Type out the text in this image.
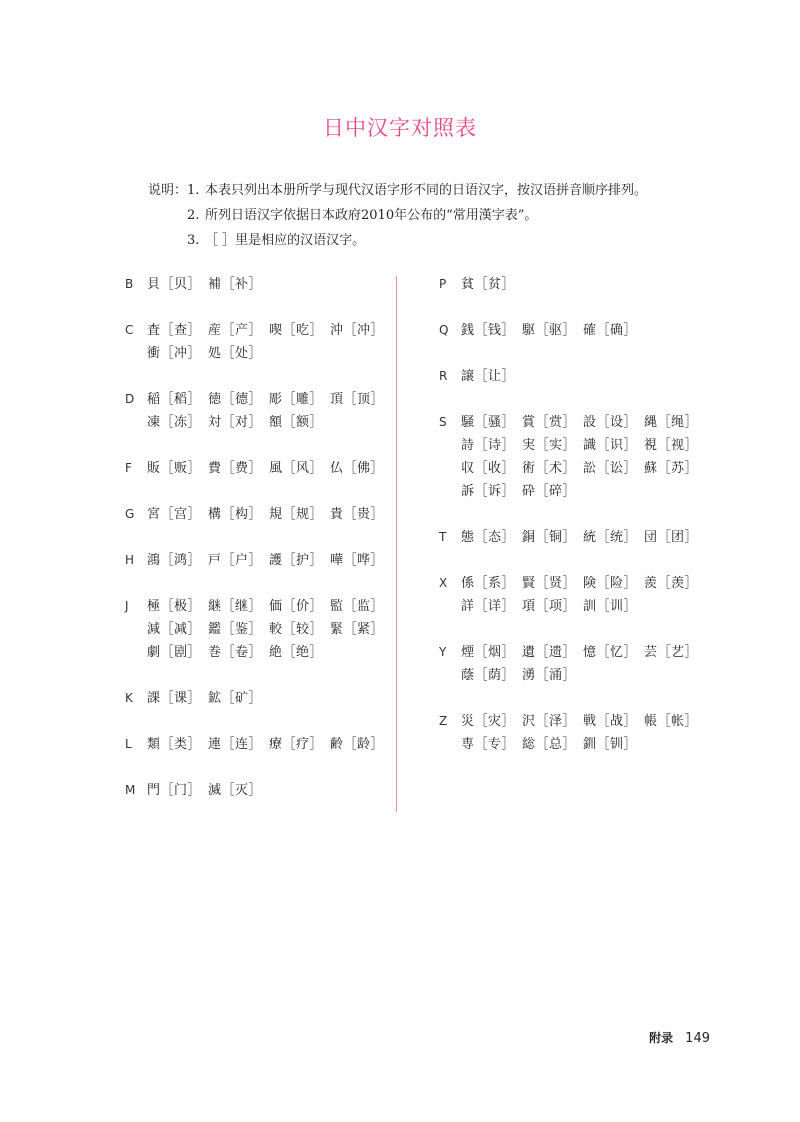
日中汉字对照表
说明： 1. 本表只列出本册所学与现代汉语字形不同的日语汉字，按汉语拼音顺序排列。
2. 所列日语汉字依据日本政府2010年公布的“常用漢字表”。
3. ［ ］里是相应的汉语汉字。
B	貝［贝］ 補［补］
C	査［查］ 産［产］ 喫［吃］ 沖［冲］
衝［冲］ 処［处］
D 稲［稻］ 徳［德］ 彫［雕］ 頂［顶］
凍［冻］ 対［对］ 額［额］
F	販［贩］ 費［费］ 風［风］ 仏［佛］
G 宮［宫］ 構［构］ 規［规］ 貴［贵］
H 鴻［鸿］ 戸［户］ 護［护］ 嘩［哗］
J	極［极］ 継［继］ 価［价］ 監［监］
減［减］ 鑑［鉴］ 較［较］ 緊［紧］
劇［剧］ 巻［卷］ 絶［绝］
K	課［课］ 鉱［矿］
L	類［类］ 連［连］ 療［疗］ 齢［龄］
M 門［门］ 滅［灭］
P	貧［贫］
Q 銭［钱］ 駆［驱］ 確［确］
R	譲［让］
S	騒［骚］ 賞［赏］ 設［设］ 縄［绳］
詩［诗］ 実［实］ 識［识］ 視［视］
収［收］ 術［术］ 訟［讼］ 蘇［苏］
訴［诉］ 砕［碎］
T	態［态］ 銅［铜］ 統［统］ 団［团］
X	係［系］ 賢［贤］ 険［险］ 羨［羡］
詳［详］ 項［项］ 訓［训］
Y	煙［烟］ 遺［遗］ 憶［忆］ 芸［艺］
蔭［荫］ 湧［涌］
Z	災［灾］ 沢［泽］ 戦［战］ 帳［帐］
専［专］ 総［总］ 釧［钏］
附录 149
